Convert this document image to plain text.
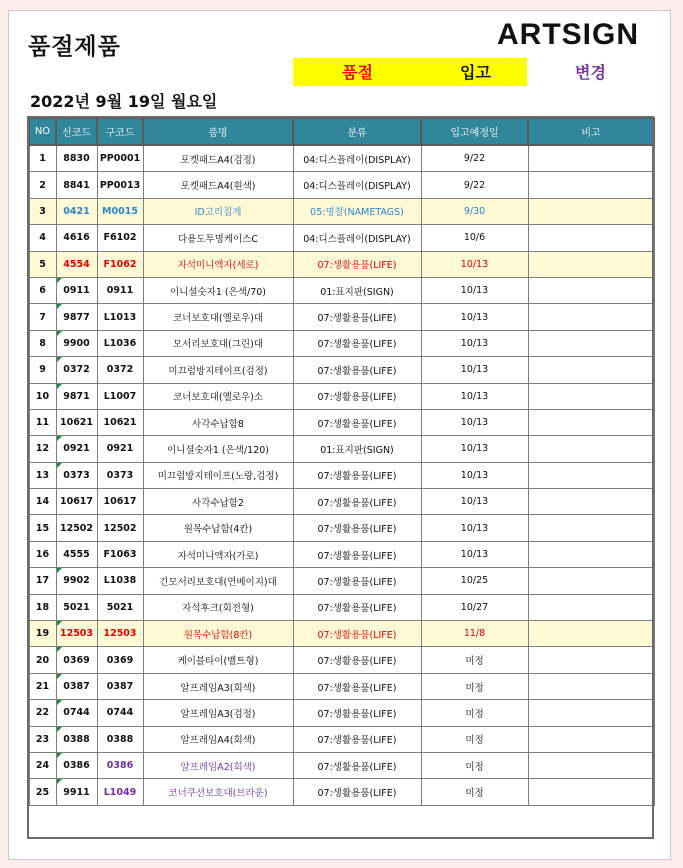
품절제품	ARTSIGN
품절	입고	변경
2022년 9월 19일 월요일
NO	신코드	구코드	품명	분류	입고예정일	비고
1	8830	PP0001	포켓패드A4(검정)	04:디스플레이(DISPLAY)	9/22	
2	8841	PP0013	포켓패드A4(흰색)	04:디스플레이(DISPLAY)	9/22	
3	0421	M0015	ID고리집게	05:명찰(NAMETAGS)	9/30	
4	4616	F6102	다용도투명케이스C	04:디스플레이(DISPLAY)	10/6	
5	4554	F1062	자석미니액자(세로)	07:생활용품(LIFE)	10/13	
6	0911	0911	이니셜숫자1 (은색/70)	01:표지판(SIGN)	10/13	
7	9877	L1013	코너보호대(옐로우)대	07:생활용품(LIFE)	10/13	
8	9900	L1036	모서리보호대(그린)대	07:생활용품(LIFE)	10/13	
9	0372	0372	미끄럼방지테이프(검정)	07:생활용품(LIFE)	10/13	
10	9871	L1007	코너보호대(옐로우)소	07:생활용품(LIFE)	10/13	
11	10621	10621	사각수납함8	07:생활용품(LIFE)	10/13	
12	0921	0921	이니셜숫자1 (은색/120)	01:표지판(SIGN)	10/13	
13	0373	0373	미끄럼방지테이프(노랑,검정)	07:생활용품(LIFE)	10/13	
14	10617	10617	사각수납함2	07:생활용품(LIFE)	10/13	
15	12502	12502	원목수납함(4칸)	07:생활용품(LIFE)	10/13	
16	4555	F1063	자석미니액자(가로)	07:생활용품(LIFE)	10/13	
17	9902	L1038	긴모서리보호대(연베이지)대	07:생활용품(LIFE)	10/25	
18	5021	5021	자석후크(회전형)	07:생활용품(LIFE)	10/27	
19	12503	12503	원목수납함(8칸)	07:생활용품(LIFE)	11/8	
20	0369	0369	케이블타이(벨트형)	07:생활용품(LIFE)	미정	
21	0387	0387	알프레임A3(회색)	07:생활용품(LIFE)	미정	
22	0744	0744	알프레임A3(검정)	07:생활용품(LIFE)	미정	
23	0388	0388	알프레임A4(회색)	07:생활용품(LIFE)	미정	
24	0386	0386	알프레임A2(회색)	07:생활용품(LIFE)	미정	
25	9911	L1049	코너쿠션보호대(브라운)	07:생활용품(LIFE)	미정	
